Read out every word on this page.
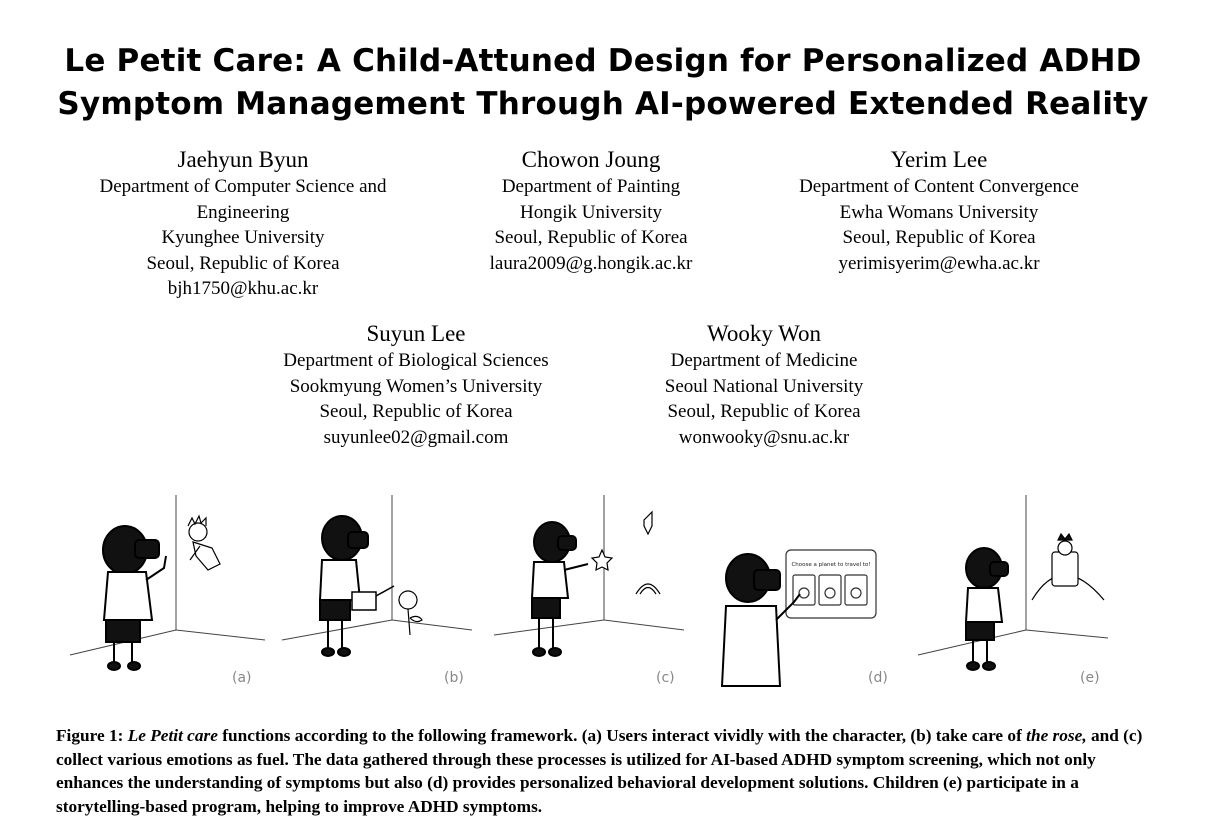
Le Petit Care: A Child-Attuned Design for Personalized ADHD
Symptom Management Through AI-powered Extended Reality
Jaehyun Byun
Department of Computer Science and
Engineering
Kyunghee University
Seoul, Republic of Korea
bjh1750@khu.ac.kr
Chowon Joung
Department of Painting
Hongik University
Seoul, Republic of Korea
laura2009@g.hongik.ac.kr
Yerim Lee
Department of Content Convergence
Ewha Womans University
Seoul, Republic of Korea
yerimisyerim@ewha.ac.kr
Suyun Lee
Department of Biological Sciences
Sookmyung Women’s University
Seoul, Republic of Korea
suyunlee02@gmail.com
Wooky Won
Department of Medicine
Seoul National University
Seoul, Republic of Korea
wonwooky@snu.ac.kr
(a)	(b)	(c)
Choose a planet to travel to!
(d)	(e)
Figure 1: Le Petit care functions according to the following framework. (a) Users interact vividly with the character, (b) take care of the rose, and (c) collect various emotions as fuel. The data gathered through these processes is utilized for AI-based ADHD symptom screening, which not only enhances the understanding of symptoms but also (d) provides personalized behavioral development solutions. Children (e) participate in a storytelling-based program, helping to improve ADHD symptoms.
